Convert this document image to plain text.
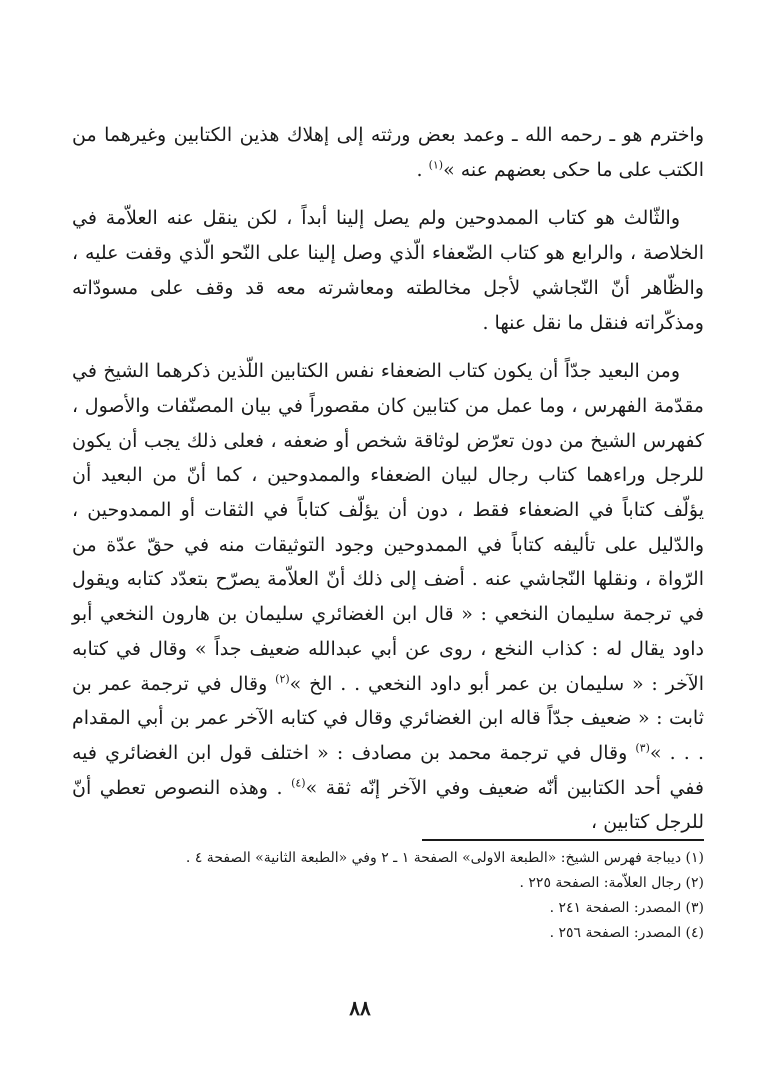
واخترم هو ـ رحمه الله ـ وعمد بعض ورثته إلى إهلاك هذين الكتابين وغيرهما من الكتب على ما حكى بعضهم عنه »$^{(١)}$ .

والثّالث هو كتاب الممدوحين ولم يصل إلينا أبداً ، لكن ينقل عنه العلاّمة في الخلاصة ، والرابع هو كتاب الضّعفاء الّذي وصل إلينا على النّحو الّذي وقفت عليه ، والظّاهر أنّ النّجاشي لأجل مخالطته ومعاشرته معه قد وقف على مسودّاته ومذكّراته فنقل ما نقل عنها .

ومن البعيد جدّاً أن يكون كتاب الضعفاء نفس الكتابين اللّذين ذكرهما الشيخ في مقدّمة الفهرس ، وما عمل من كتابين كان مقصوراً في بيان المصنّفات والأصول ، كفهرس الشيخ من دون تعرّض لوثاقة شخص أو ضعفه ، فعلى ذلك يجب أن يكون للرجل وراءهما كتاب رجال لبيان الضعفاء والممدوحين ، كما أنّ من البعيد أن يؤلّف كتاباً في الضعفاء فقط ، دون أن يؤلّف كتاباً في الثقات أو الممدوحين ، والدّليل على تأليفه كتاباً في الممدوحين وجود التوثيقات منه في حقّ عدّة من الرّواة ، ونقلها النّجاشي عنه . أضف إلى ذلك أنّ العلاّمة يصرّح بتعدّد كتابه ويقول في ترجمة سليمان النخعي : « قال ابن الغضائري سليمان بن هارون النخعي أبو داود يقال له : كذاب النخع ، روى عن أبي عبدالله ضعيف جداً » وقال في كتابه الآخر : « سليمان بن عمر أبو داود النخعي . . الخ »$^{(٢)}$ وقال في ترجمة عمر بن ثابت : « ضعيف جدّاً قاله ابن الغضائري وقال في كتابه الآخر عمر بن أبي المقدام . . . »$^{(٣)}$ وقال في ترجمة محمد بن مصادف : « اختلف قول ابن الغضائري فيه ففي أحد الكتابين أنّه ضعيف وفي الآخر إنّه ثقة »$^{(٤)}$ . وهذه النصوص تعطي أنّ للرجل كتابين ،

(١) ديباجة فهرس الشيخ: «الطبعة الاولى» الصفحة ١ ـ ٢ وفي «الطبعة الثانية» الصفحة ٤ .

(٢) رجال العلاّمة: الصفحة ٢٢٥ .

(٣) المصدر: الصفحة ٢٤١ .

(٤) المصدر: الصفحة ٢٥٦ .

٨٨
